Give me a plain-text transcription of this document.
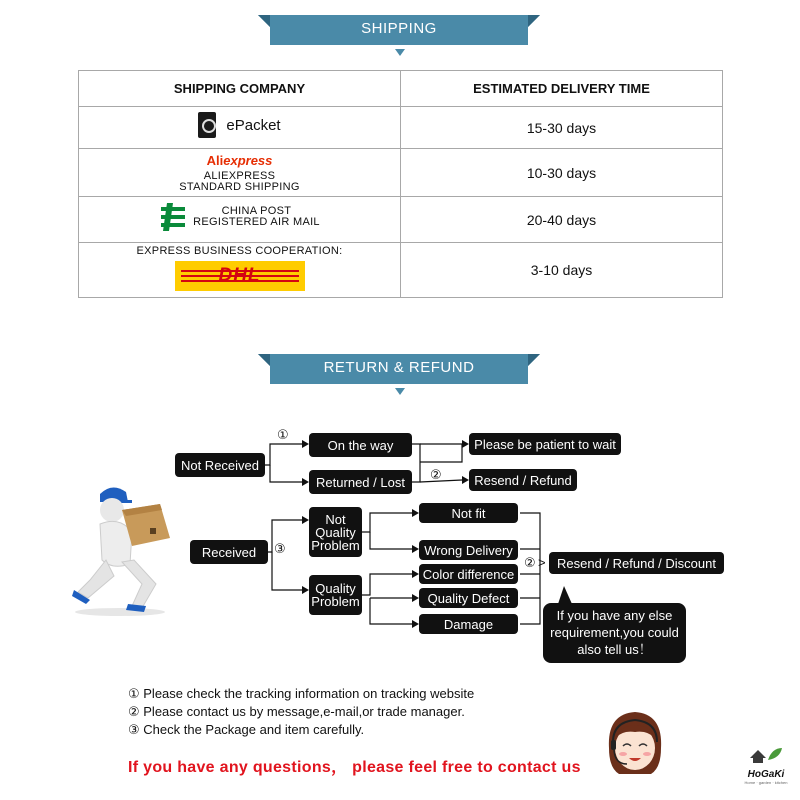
SHIPPING
SHIPPING COMPANY	ESTIMATED DELIVERY TIME

ePacket	15-30 days

Aliexpress
ALIEXPRESS
STANDARD SHIPPING	10-30 days

CHINA POST
REGISTERED AIR MAIL	20-40 days

EXPRESS BUSINESS COOPERATION:
DHL	3-10 days
RETURN & REFUND
Not Received
①
On the way
Returned / Lost
Please be patient to wait
②	Resend / Refund
Received	③
Not Quality Problem
Quality Problem
Not fit
Wrong Delivery
Color difference
Quality Defect
Damage
② > Resend / Refund / Discount
If you have any else requirement,you could also tell us！
① Please check the tracking information on tracking website
② Please contact us by message,e-mail,or trade manager.
③ Check the Package and item carefully.
If you have any questions， please feel free to contact us	HoGaKi
Home · garden · kitchen
